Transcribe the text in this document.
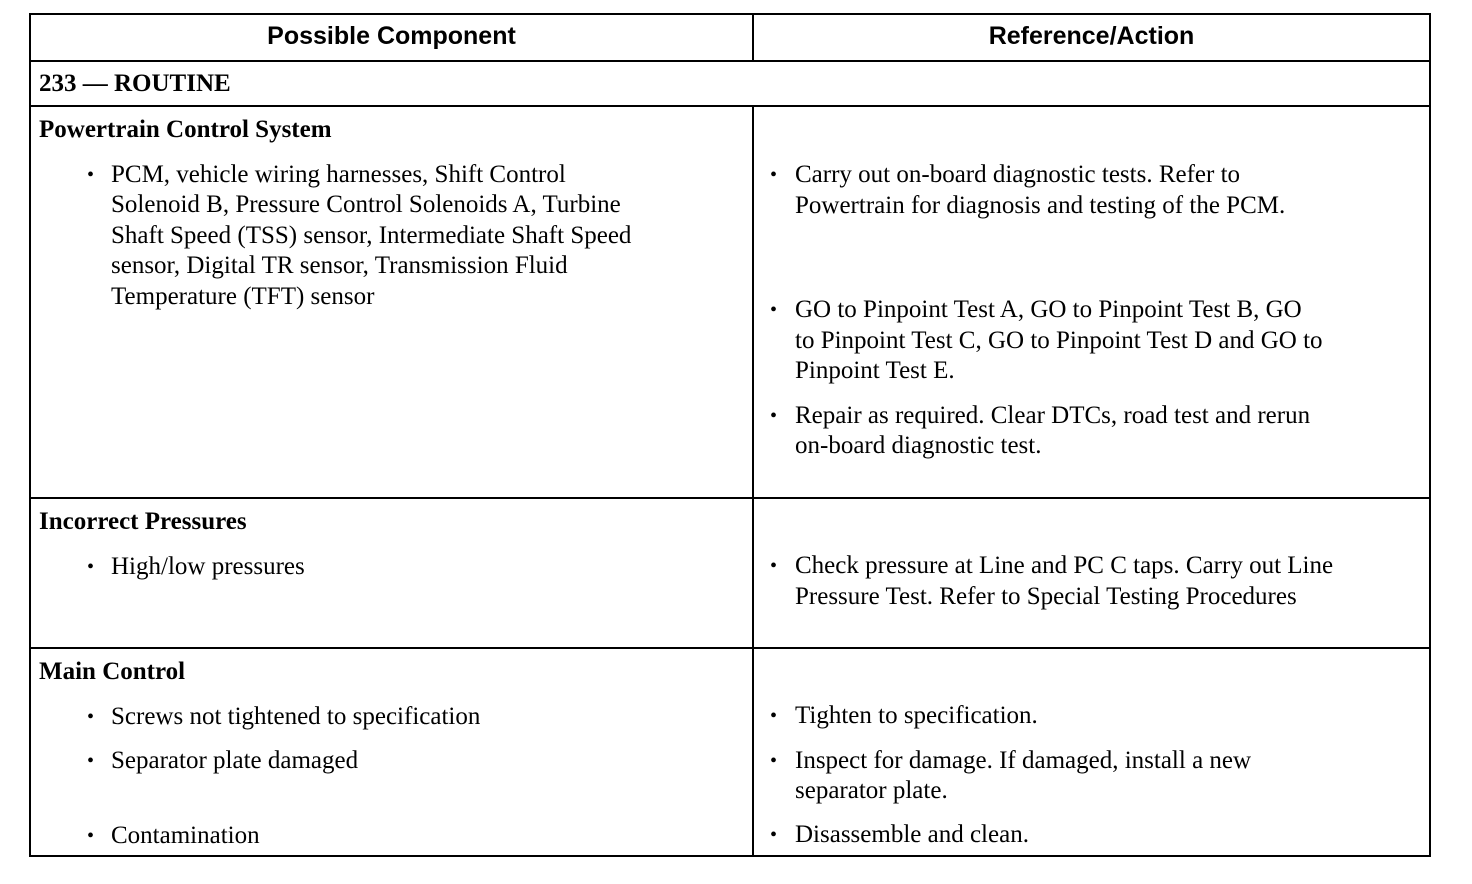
Possible Component	Reference/Action
233 — ROUTINE
Powertrain Control System
• PCM, vehicle wiring harnesses, Shift Control
Solenoid B, Pressure Control Solenoids A, Turbine
Shaft Speed (TSS) sensor, Intermediate Shaft Speed
sensor, Digital TR sensor, Transmission Fluid
Temperature (TFT) sensor
• Carry out on-board diagnostic tests. Refer to
Powertrain for diagnosis and testing of the PCM.
• GO to Pinpoint Test A, GO to Pinpoint Test B, GO
to Pinpoint Test C, GO to Pinpoint Test D and GO to
Pinpoint Test E.
• Repair as required. Clear DTCs, road test and rerun
on-board diagnostic test.
Incorrect Pressures
• High/low pressures	• Check pressure at Line and PC C taps. Carry out Line
Pressure Test. Refer to Special Testing Procedures
Main Control
• Screws not tightened to specification
• Separator plate damaged
• Contamination
• Tighten to specification.
• Inspect for damage. If damaged, install a new
separator plate.
• Disassemble and clean.
